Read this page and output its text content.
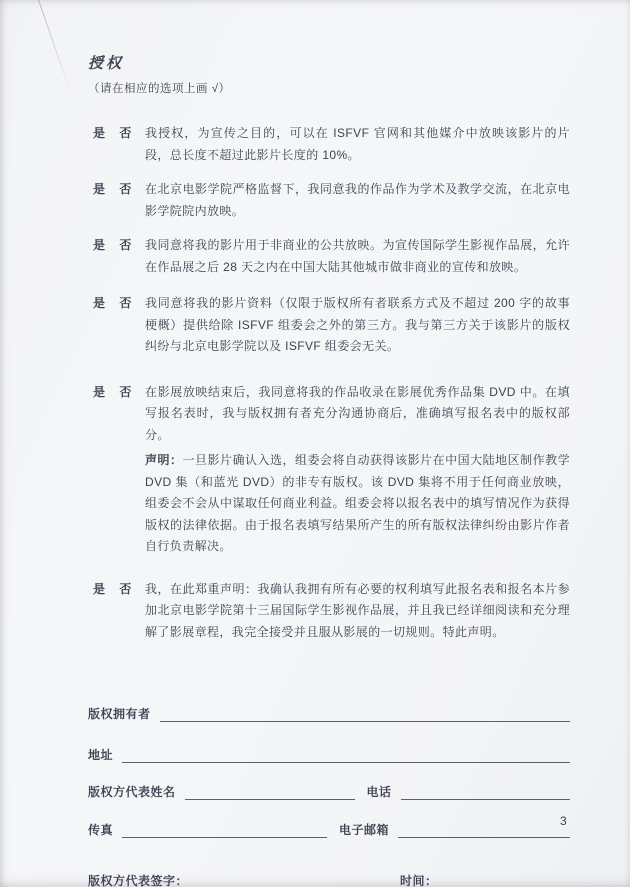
授权
（请在相应的选项上画 √）
是 否 我授权，为宣传之目的，可以在 ISFVF 官网和其他媒介中放映该影片的片段，总长度不超过此影片长度的 10%。
是 否 在北京电影学院严格监督下，我同意我的作品作为学术及教学交流，在北京电影学院院内放映。
是 否 我同意将我的影片用于非商业的公共放映。为宣传国际学生影视作品展，允许在作品展之后 28 天之内在中国大陆其他城市做非商业的宣传和放映。
是 否 我同意将我的影片资料（仅限于版权所有者联系方式及不超过 200 字的故事梗概）提供给除 ISFVF 组委会之外的第三方。我与第三方关于该影片的版权纠纷与北京电影学院以及 ISFVF 组委会无关。
是 否 在影展放映结束后，我同意将我的作品收录在影展优秀作品集 DVD 中。在填写报名表时，我与版权拥有者充分沟通协商后，准确填写报名表中的版权部分。
声明：一旦影片确认入选，组委会将自动获得该影片在中国大陆地区制作教学 DVD 集（和蓝光 DVD）的非专有版权。该 DVD 集将不用于任何商业放映，组委会不会从中谋取任何商业利益。组委会将以报名表中的填写情况作为获得版权的法律依据。由于报名表填写结果所产生的所有版权法律纠纷由影片作者自行负责解决。
是 否 我，在此郑重声明：我确认我拥有所有必要的权利填写此报名表和报名本片参加北京电影学院第十三届国际学生影视作品展，并且我已经详细阅读和充分理解了影展章程，我完全接受并且服从影展的一切规则。特此声明。
版权拥有者
地址
版权方代表姓名	电话
传真	电子邮箱
版权方代表签字：	时间：
3
